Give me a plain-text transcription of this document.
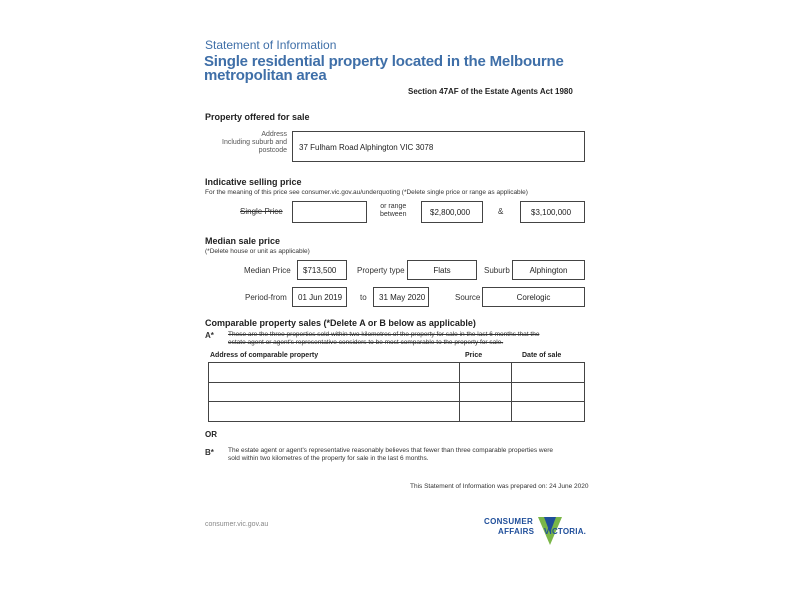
Statement of Information
Single residential property located in the Melbourne
metropolitan area
Section 47AF of the Estate Agents Act 1980
Property offered for sale
Address
Including suburb and
postcode 37 Fulham Road Alphington VIC 3078
Indicative selling price
For the meaning of this price see consumer.vic.gov.au/underquoting (*Delete single price or range as applicable)
Single Price
or range
between	$2,800,000	&	$3,100,000
Median sale price
(*Delete house or unit as applicable)
Median Price $713,500	Property type	Flats	Suburb	Alphington
Period-from 01 Jun 2019 to 31 May 2020	Source	Corelogic
Comparable property sales (*Delete A or B below as applicable)
A* These are the three properties sold within two kilometres of the property for sale in the last 6 months that the
estate agent or agent's representative considers to be most comparable to the property for sale.
Address of comparable property	Price	Date of sale

OR
B* The estate agent or agent's representative reasonably believes that fewer than three comparable properties were
sold within two kilometres of the property for sale in the last 6 months.
This Statement of Information was prepared on: 24 June 2020
consumer.vic.gov.au	CONSUMER
AFFAIRS VICTORIA.
